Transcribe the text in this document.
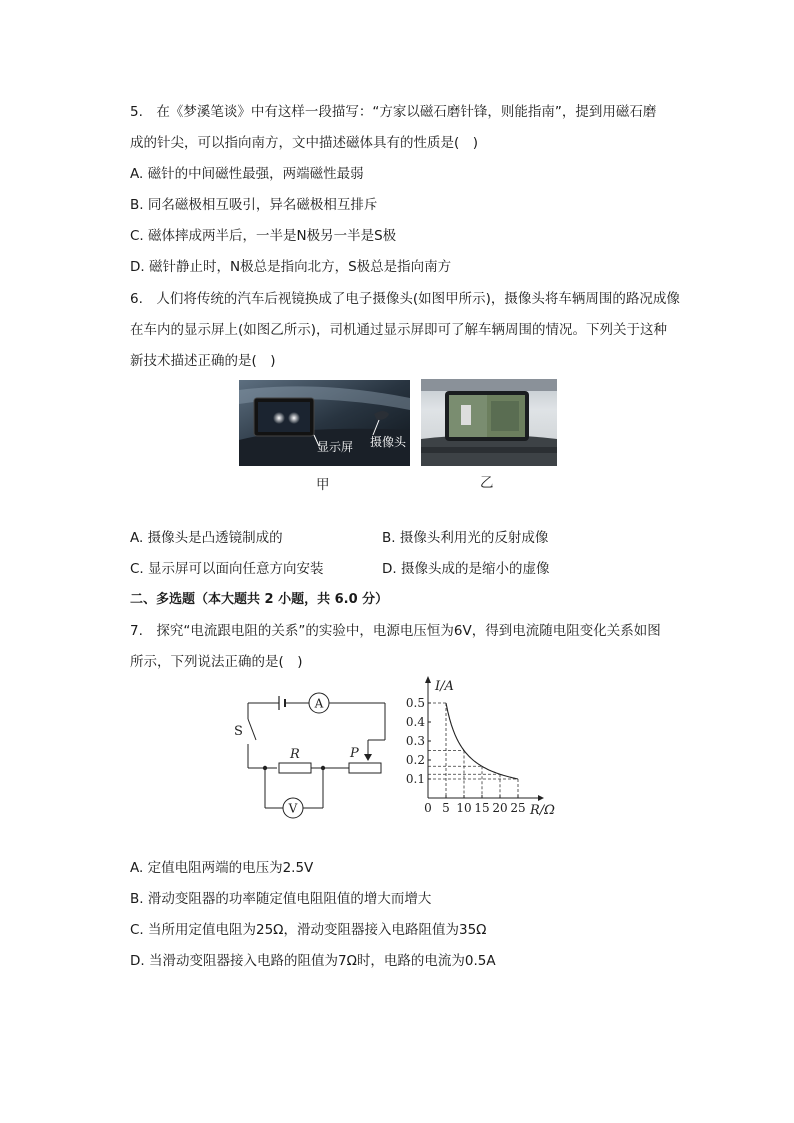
5.　在《梦溪笔谈》中有这样一段描写：“方家以磁石磨针锋，则能指南”，提到用磁石磨
成的针尖，可以指向南方，文中描述磁体具有的性质是(　)
A. 磁针的中间磁性最强，两端磁性最弱
B. 同名磁极相互吸引，异名磁极相互排斥
C. 磁体摔成两半后，一半是N极另一半是S极
D. 磁针静止时，N极总是指向北方，S极总是指向南方
6.　人们将传统的汽车后视镜换成了电子摄像头(如图甲所示)，摄像头将车辆周围的路况成像
在车内的显示屏上(如图乙所示)，司机通过显示屏即可了解车辆周围的情况。下列关于这种
新技术描述正确的是(　)
显示屏 摄像头
甲	乙
A. 摄像头是凸透镜制成的	B. 摄像头利用光的反射成像
C. 显示屏可以面向任意方向安装	D. 摄像头成的是缩小的虚像
二、多选题（本大题共 2 小题，共 6.0 分）
7.　探究“电流跟电阻的关系”的实验中，电源电压恒为6V，得到电流随电阻变化关系如图
所示，下列说法正确的是(　)
A
V
S
R	P
0.1
0.2
0.3
0.4
0.5
0 5 10 15 20 25
I/A
R/Ω
A. 定值电阻两端的电压为2.5V
B. 滑动变阻器的功率随定值电阻阻值的增大而增大
C. 当所用定值电阻为25Ω，滑动变阻器接入电路阻值为35Ω
D. 当滑动变阻器接入电路的阻值为7Ω时，电路的电流为0.5A
